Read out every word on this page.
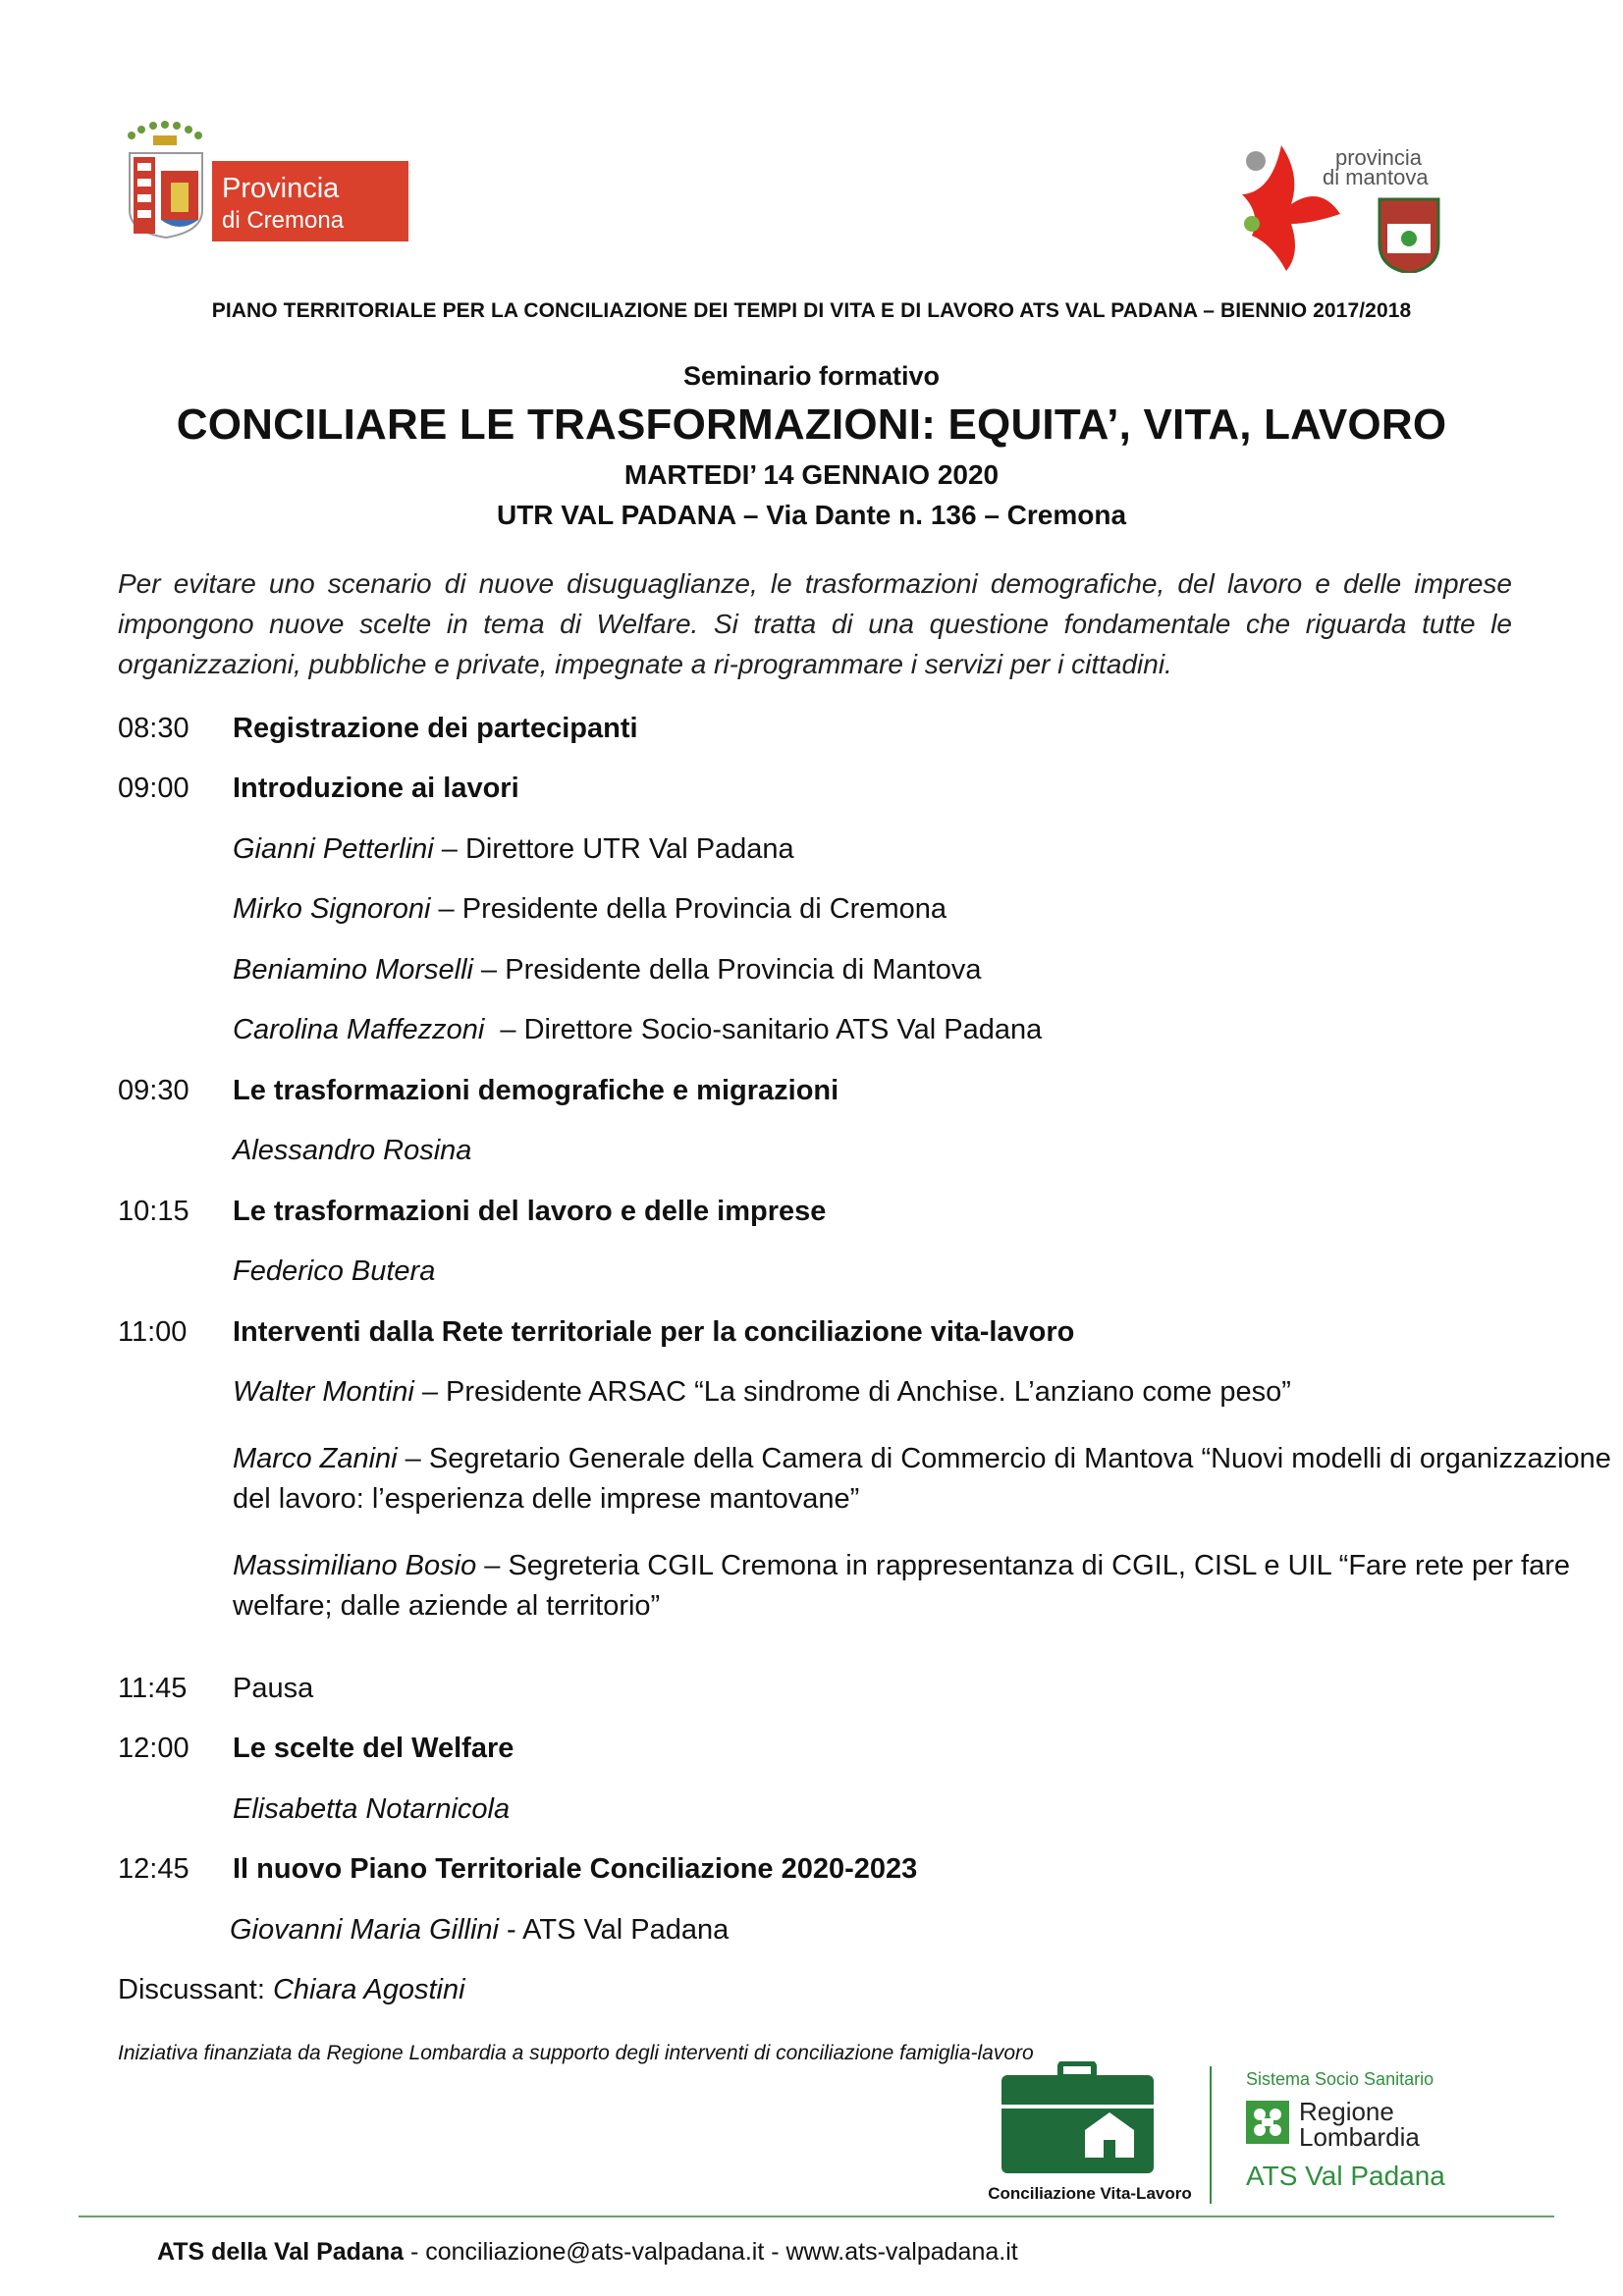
Provincia
di Cremona
provincia
di mantova
PIANO TERRITORIALE PER LA CONCILIAZIONE DEI TEMPI DI VITA E DI LAVORO ATS VAL PADANA – BIENNIO 2017/2018
Seminario formativo
CONCILIARE LE TRASFORMAZIONI: EQUITA’, VITA, LAVORO
MARTEDI’ 14 GENNAIO 2020
UTR VAL PADANA – Via Dante n. 136 – Cremona
Per evitare uno scenario di nuove disuguaglianze, le trasformazioni demografiche, del lavoro e delle imprese impongono nuove scelte in tema di Welfare. Si tratta di una questione fondamentale che riguarda tutte le organizzazioni, pubbliche e private, impegnate a ri-programmare i servizi per i cittadini.
08:30	Registrazione dei partecipanti
09:00	Introduzione ai lavori
Gianni Petterlini – Direttore UTR Val Padana
Mirko Signoroni – Presidente della Provincia di Cremona
Beniamino Morselli – Presidente della Provincia di Mantova
Carolina Maffezzoni  – Direttore Socio-sanitario ATS Val Padana
09:30	Le trasformazioni demografiche e migrazioni
Alessandro Rosina
10:15	Le trasformazioni del lavoro e delle imprese
Federico Butera
11:00	Interventi dalla Rete territoriale per la conciliazione vita-lavoro
Walter Montini – Presidente ARSAC “La sindrome di Anchise. L’anziano come peso”
Marco Zanini – Segretario Generale della Camera di Commercio di Mantova “Nuovi modelli di organizzazione del lavoro: l’esperienza delle imprese mantovane”
Massimiliano Bosio – Segreteria CGIL Cremona in rappresentanza di CGIL, CISL e UIL “Fare rete per fare welfare; dalle aziende al territorio”
11:45	Pausa
12:00	Le scelte del Welfare
Elisabetta Notarnicola
12:45	Il nuovo Piano Territoriale Conciliazione 2020-2023
Giovanni Maria Gillini - ATS Val Padana
Discussant: Chiara Agostini
Iniziativa finanziata da Regione Lombardia a supporto degli interventi di conciliazione famiglia-lavoro
Conciliazione Vita-Lavoro
Sistema Socio Sanitario
Regione
Lombardia
ATS Val Padana
ATS della Val Padana - conciliazione@ats-valpadana.it - www.ats-valpadana.it
